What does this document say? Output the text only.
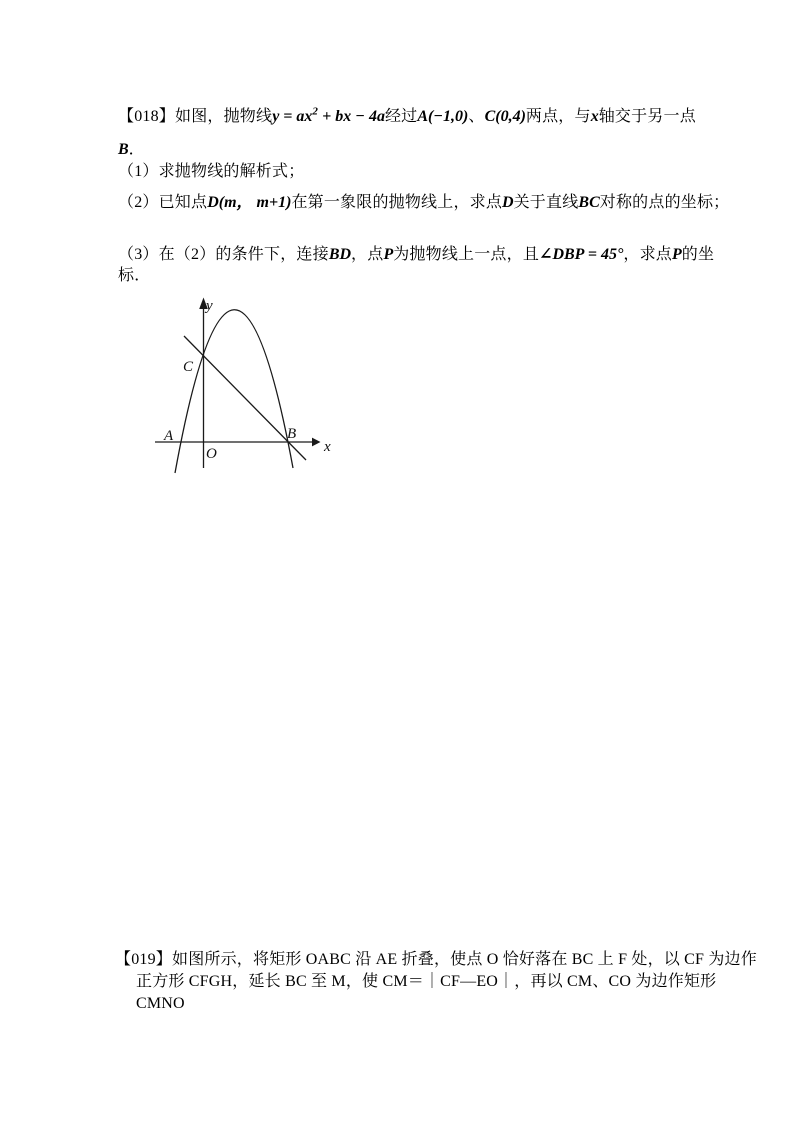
【018】如图，抛物线$y = ax^2$ + bx − 4a经过A(−1,0)、C(0,4)两点，与x轴交于另一点
B．
（1）求抛物线的解析式；
（2）已知点D(m， m+1)在第一象限的抛物线上，求点D关于直线BC对称的点的坐标；
（3）在（2）的条件下，连接BD，点P为抛物线上一点，且∠DBP = 45°，求点P的坐
标．
y
x
O
C
A	B
【019】如图所示，将矩形 OABC 沿 AE 折叠，使点 O 恰好落在 BC 上 F 处，以 CF 为边作
正方形 CFGH，延长 BC 至 M，使 CM＝｜CF—EO｜，再以 CM、CO 为边作矩形
CMNO
